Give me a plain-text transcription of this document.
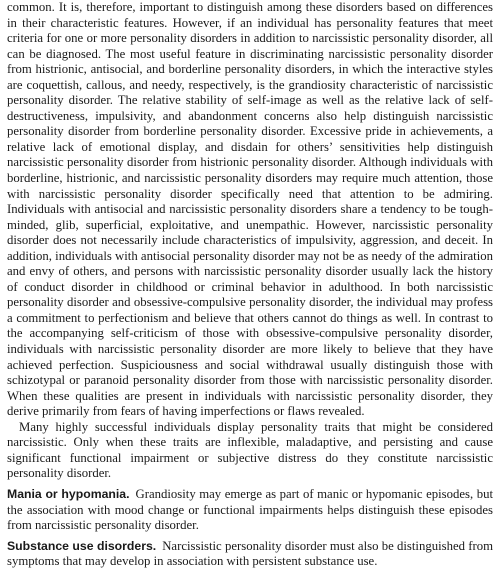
common. It is, therefore, important to distinguish among these disorders based on differences in their characteristic features. However, if an individual has personality features that meet criteria for one or more personality disorders in addition to narcissistic personality disorder, all can be diagnosed. The most useful feature in discriminating narcissistic personality disorder from histrionic, antisocial, and borderline personality disorders, in which the interactive styles are coquettish, callous, and needy, respectively, is the grandiosity characteristic of narcissistic personality disorder. The relative stability of self-image as well as the relative lack of self-destructiveness, impulsivity, and abandonment concerns also help distinguish narcissistic personality disorder from borderline personality disorder. Excessive pride in achievements, a relative lack of emotional display, and disdain for others’ sensitivities help distinguish narcissistic personality disorder from histrionic personality disorder. Although individuals with borderline, histrionic, and narcissistic personality disorders may require much attention, those with narcissistic personality disorder specifically need that attention to be admiring. Individuals with antisocial and narcissistic personality disorders share a tendency to be tough-minded, glib, superficial, exploitative, and unempathic. However, narcissistic personality disorder does not necessarily include characteristics of impulsivity, aggression, and deceit. In addition, individuals with antisocial personality disorder may not be as needy of the admiration and envy of others, and persons with narcissistic personality disorder usually lack the history of conduct disorder in childhood or criminal behavior in adulthood. In both narcissistic personality disorder and obsessive-compulsive personality disorder, the individual may profess a commitment to perfectionism and believe that others cannot do things as well. In contrast to the accompanying self-criticism of those with obsessive-compulsive personality disorder, individuals with narcissistic personality disorder are more likely to believe that they have achieved perfection. Suspiciousness and social withdrawal usually distinguish those with schizotypal or paranoid personality disorder from those with narcissistic personality disorder. When these qualities are present in individuals with narcissistic personality disorder, they derive primarily from fears of having imperfections or flaws revealed.

Many highly successful individuals display personality traits that might be considered narcissistic. Only when these traits are inflexible, maladaptive, and persisting and cause significant functional impairment or subjective distress do they constitute narcissistic personality disorder.

Mania or hypomania. Grandiosity may emerge as part of manic or hypomanic episodes, but the association with mood change or functional impairments helps distinguish these episodes from narcissistic personality disorder.

Substance use disorders. Narcissistic personality disorder must also be distinguished from symptoms that may develop in association with persistent substance use.
